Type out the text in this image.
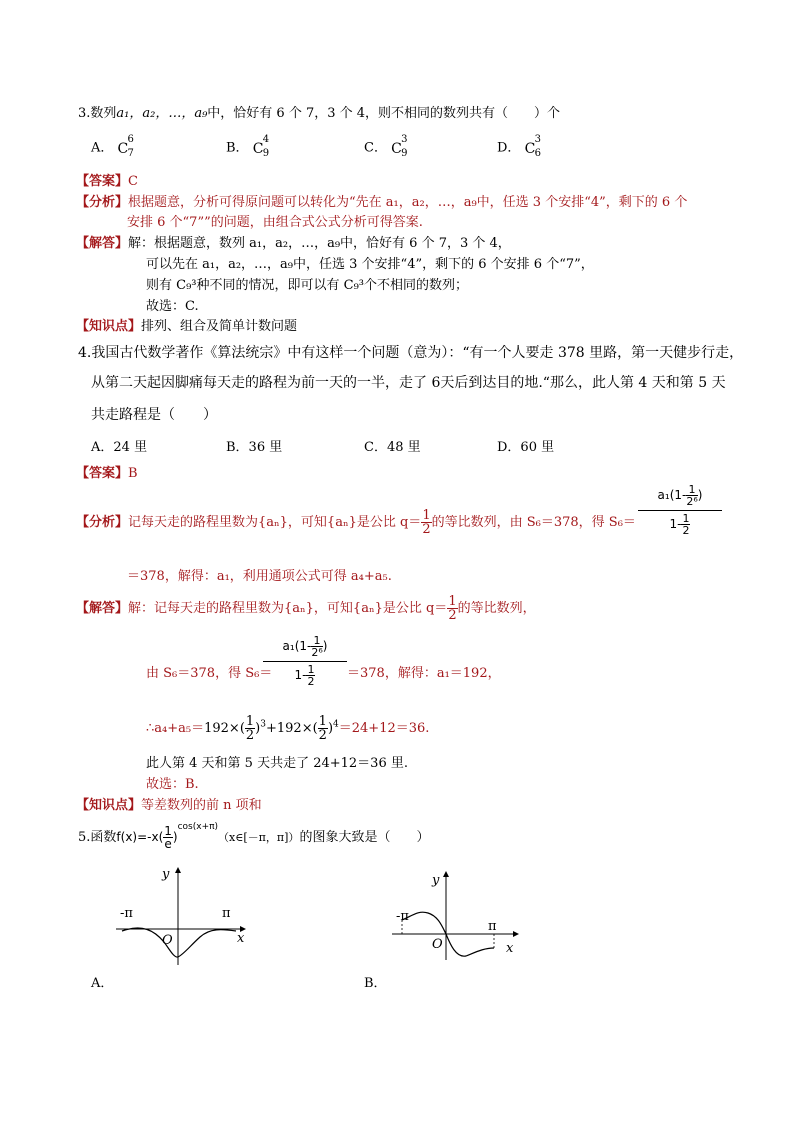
3.数列a₁，a₂，…，a₉中，恰好有 6 个 7，3 个 4，则不相同的数列共有（　　）个
A． C
6
7	B． C
4
9	C． C
3
9	D． C
3
6
【答案】C
【分析】根据题意，分析可得原问题可以转化为“先在 a₁，a₂，…，a₉中，任选 3 个安排“4”，剩下的 6 个
安排 6 个“7””的问题，由组合式公式分析可得答案.
【解答】解：根据题意，数列 a₁，a₂，…，a₉中，恰好有 6 个 7，3 个 4，
可以先在 a₁，a₂，…，a₉中，任选 3 个安排“4”，剩下的 6 个安排 6 个“7”，
则有 C₉³种不同的情况，即可以有 C₉³个不相同的数列；
故选：C.
【知识点】排列、组合及简单计数问题
4.我国古代数学著作《算法统宗》中有这样一个问题（意为）：“有一个人要走 378 里路，第一天健步行走，
从第二天起因脚痛每天走的路程为前一天的一半，走了 6天后到达目的地.“那么，此人第 4 天和第 5 天
共走路程是（　　）
A．24 里	B．36 里	C．48 里	D．60 里
【答案】B
【分析】记每天走的路程里数为{aₙ}，可知{aₙ}是公比 $q= \frac{1}{2}$ 的等比数列，由 S₆＝378，得 $S_6= \frac{a_1(1- \frac{1}{\text{2⁶}} )}{1- \frac{1}{2}}$
＝378，解得：a₁，利用通项公式可得 a₄+a₅.
【解答】解：记每天走的路程里数为{aₙ}，可知{aₙ}是公比 $q= \frac{1}{2}$ 的等比数列，
由 S₆＝378，得 S₆＝
$\frac{a_1(1- \frac{1}{\text{2⁶}} )}{1- \frac{1}{2}} =378$，解得：a₁＝192，
∴a₄+a₅＝192×( $\frac{1}{2} )^3+192\times( \frac{1}{2} )^4=24+12=36$.
此人第 4 天和第 5 天共走了 24+12＝36 里.
故选：B.
【知识点】等差数列的前 n 项和
5.函数$f(x)=-x( \frac{1}{e}$ )$^{cos(x+\pi)}(x\in[-\pi$，π]）的图象大致是（　　）
-π	π
y
x
O
A．
-π
π
y
x
O
B．
